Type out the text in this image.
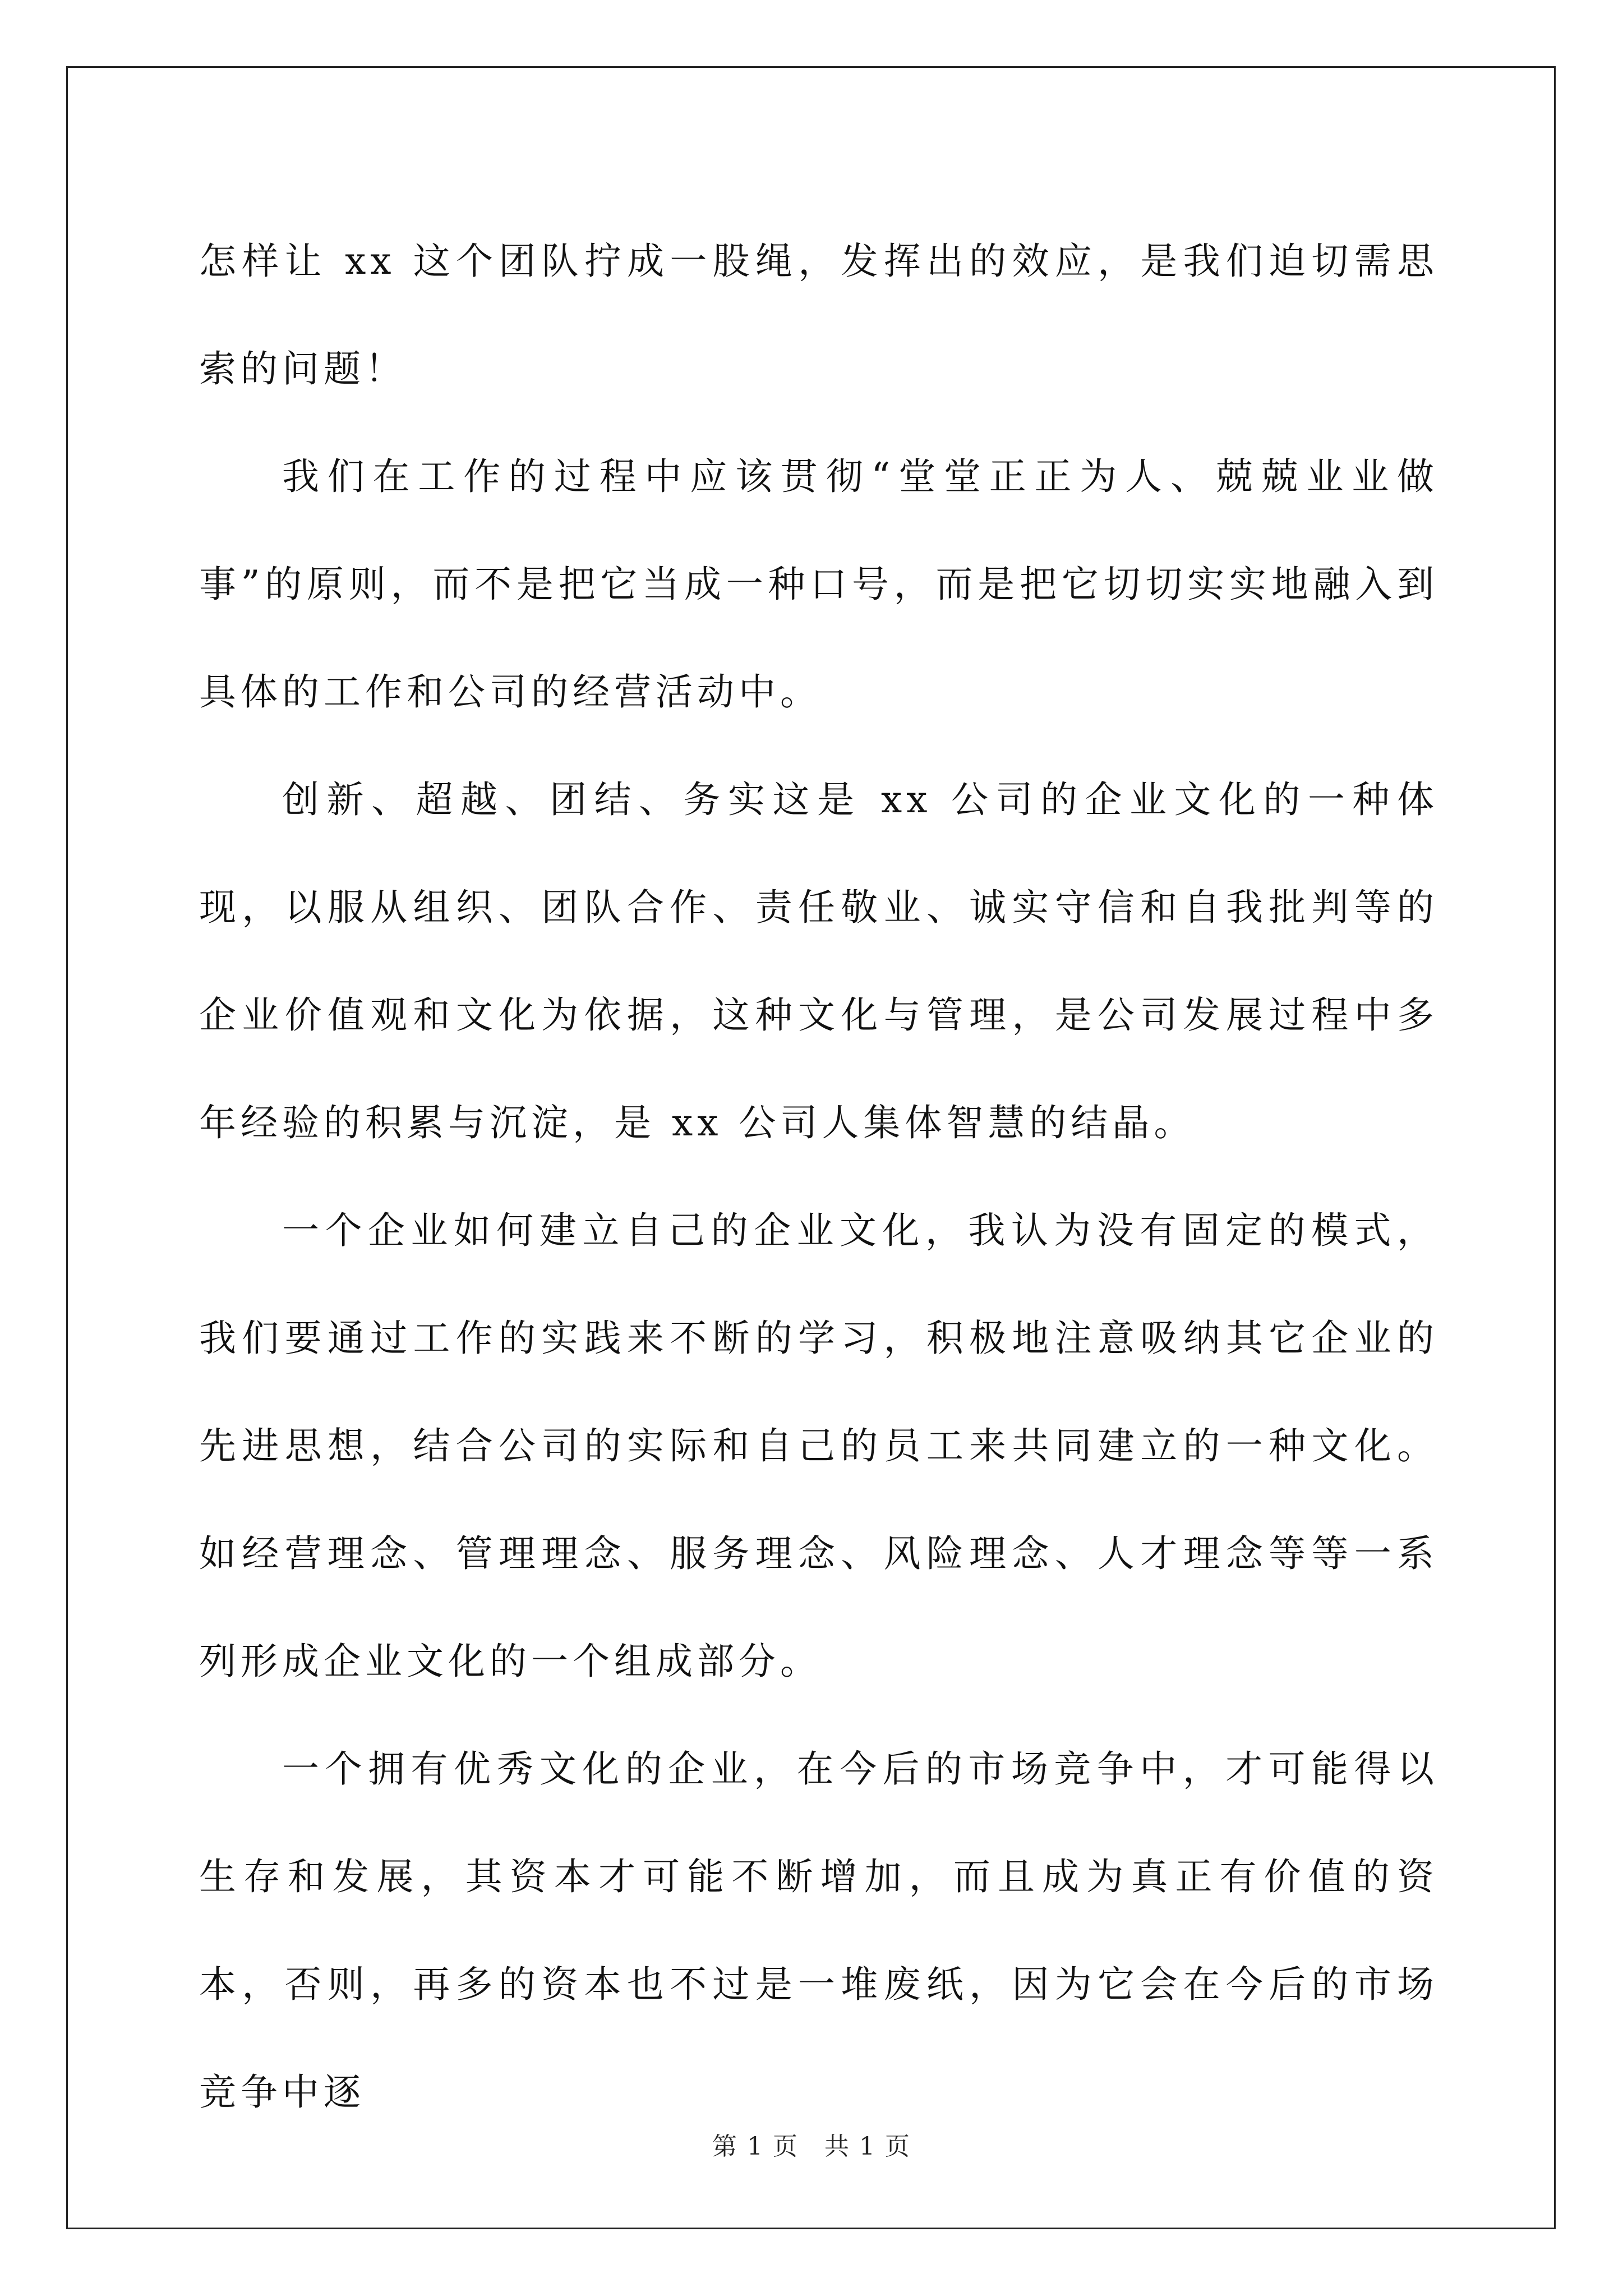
怎样让 xx 这个团队拧成一股绳，发挥出的效应，是我们迫切需思索的问题！

我们在工作的过程中应该贯彻“堂堂正正为人、兢兢业业做事”的原则，而不是把它当成一种口号，而是把它切切实实地融入到具体的工作和公司的经营活动中。

创新、超越、团结、务实这是 xx 公司的企业文化的一种体现，以服从组织、团队合作、责任敬业、诚实守信和自我批判等的企业价值观和文化为依据，这种文化与管理，是公司发展过程中多年经验的积累与沉淀，是 xx 公司人集体智慧的结晶。

一个企业如何建立自己的企业文化，我认为没有固定的模式，我们要通过工作的实践来不断的学习，积极地注意吸纳其它企业的先进思想，结合公司的实际和自己的员工来共同建立的一种文化。如经营理念、管理理念、服务理念、风险理念、人才理念等等一系列形成企业文化的一个组成部分。

一个拥有优秀文化的企业，在今后的市场竞争中，才可能得以生存和发展，其资本才可能不断增加，而且成为真正有价值的资本，否则，再多的资本也不过是一堆废纸，因为它会在今后的市场竞争中逐

第 1 页　共 1 页
